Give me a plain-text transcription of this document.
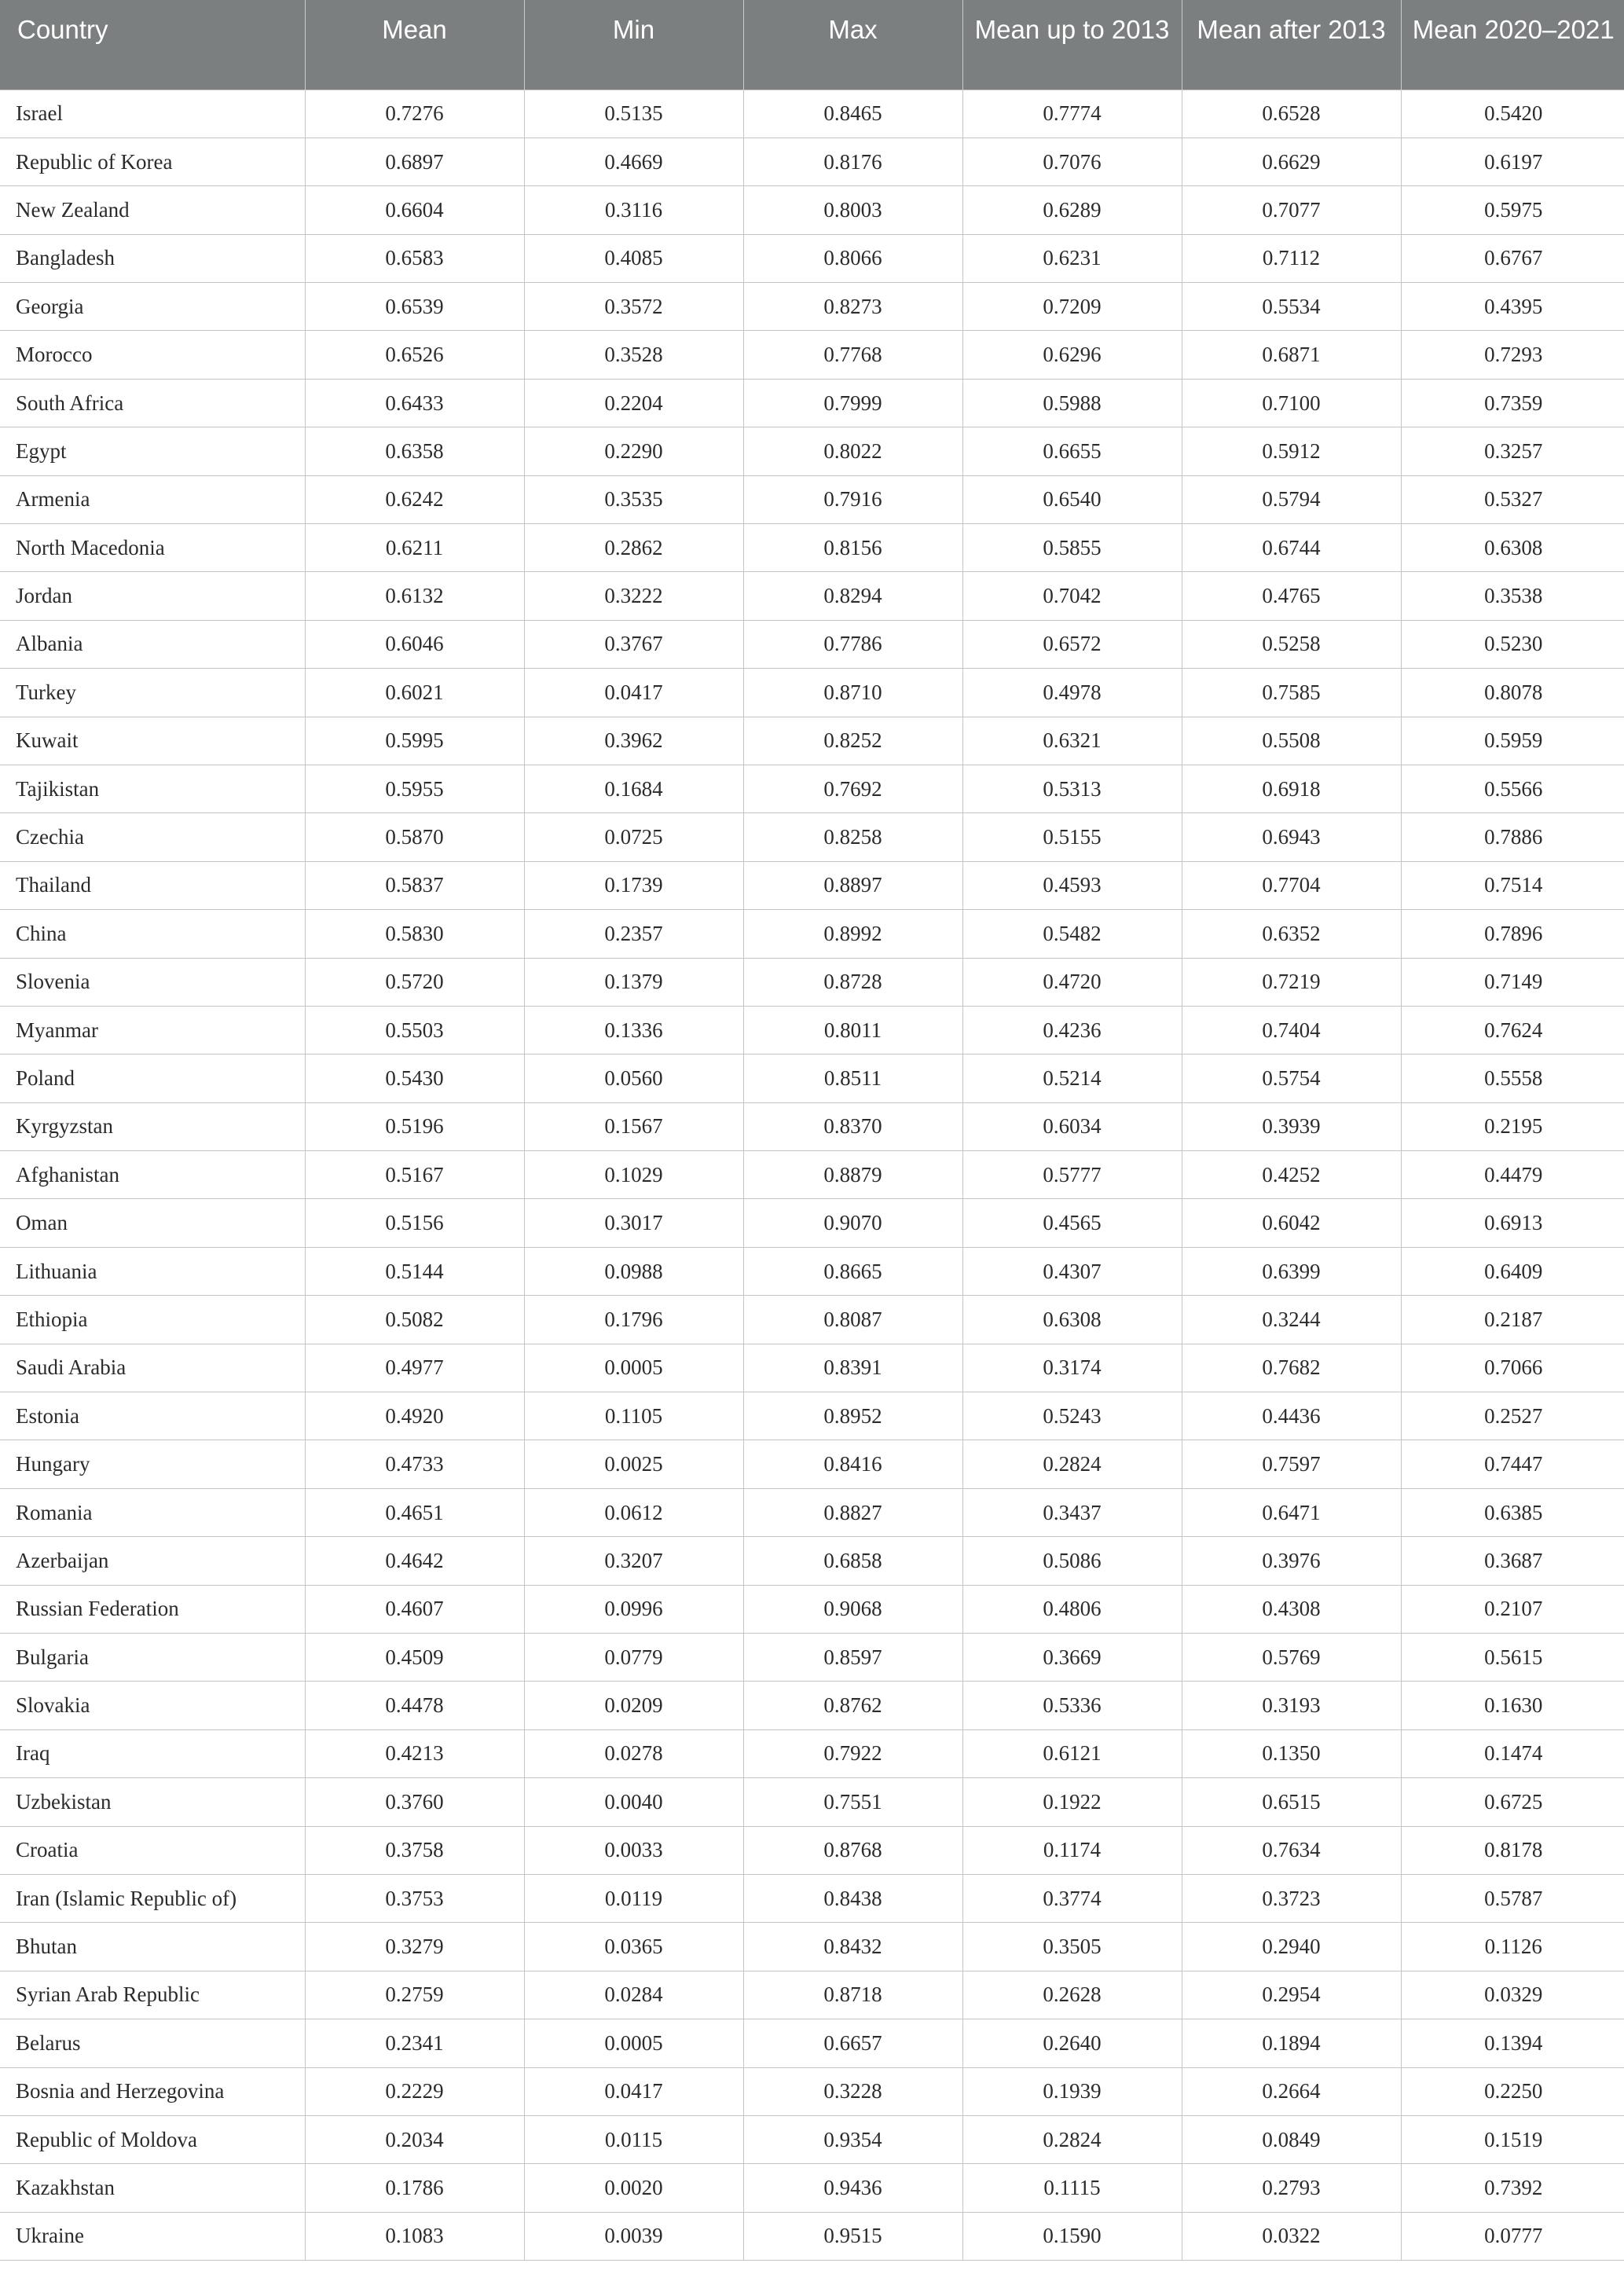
Country	Mean	Min	Max	Mean up to 2013	Mean after 2013	Mean 2020–2021
Israel	0.7276	0.5135	0.8465	0.7774	0.6528	0.5420
Republic of Korea	0.6897	0.4669	0.8176	0.7076	0.6629	0.6197
New Zealand	0.6604	0.3116	0.8003	0.6289	0.7077	0.5975
Bangladesh	0.6583	0.4085	0.8066	0.6231	0.7112	0.6767
Georgia	0.6539	0.3572	0.8273	0.7209	0.5534	0.4395
Morocco	0.6526	0.3528	0.7768	0.6296	0.6871	0.7293
South Africa	0.6433	0.2204	0.7999	0.5988	0.7100	0.7359
Egypt	0.6358	0.2290	0.8022	0.6655	0.5912	0.3257
Armenia	0.6242	0.3535	0.7916	0.6540	0.5794	0.5327
North Macedonia	0.6211	0.2862	0.8156	0.5855	0.6744	0.6308
Jordan	0.6132	0.3222	0.8294	0.7042	0.4765	0.3538
Albania	0.6046	0.3767	0.7786	0.6572	0.5258	0.5230
Turkey	0.6021	0.0417	0.8710	0.4978	0.7585	0.8078
Kuwait	0.5995	0.3962	0.8252	0.6321	0.5508	0.5959
Tajikistan	0.5955	0.1684	0.7692	0.5313	0.6918	0.5566
Czechia	0.5870	0.0725	0.8258	0.5155	0.6943	0.7886
Thailand	0.5837	0.1739	0.8897	0.4593	0.7704	0.7514
China	0.5830	0.2357	0.8992	0.5482	0.6352	0.7896
Slovenia	0.5720	0.1379	0.8728	0.4720	0.7219	0.7149
Myanmar	0.5503	0.1336	0.8011	0.4236	0.7404	0.7624
Poland	0.5430	0.0560	0.8511	0.5214	0.5754	0.5558
Kyrgyzstan	0.5196	0.1567	0.8370	0.6034	0.3939	0.2195
Afghanistan	0.5167	0.1029	0.8879	0.5777	0.4252	0.4479
Oman	0.5156	0.3017	0.9070	0.4565	0.6042	0.6913
Lithuania	0.5144	0.0988	0.8665	0.4307	0.6399	0.6409
Ethiopia	0.5082	0.1796	0.8087	0.6308	0.3244	0.2187
Saudi Arabia	0.4977	0.0005	0.8391	0.3174	0.7682	0.7066
Estonia	0.4920	0.1105	0.8952	0.5243	0.4436	0.2527
Hungary	0.4733	0.0025	0.8416	0.2824	0.7597	0.7447
Romania	0.4651	0.0612	0.8827	0.3437	0.6471	0.6385
Azerbaijan	0.4642	0.3207	0.6858	0.5086	0.3976	0.3687
Russian Federation	0.4607	0.0996	0.9068	0.4806	0.4308	0.2107
Bulgaria	0.4509	0.0779	0.8597	0.3669	0.5769	0.5615
Slovakia	0.4478	0.0209	0.8762	0.5336	0.3193	0.1630
Iraq	0.4213	0.0278	0.7922	0.6121	0.1350	0.1474
Uzbekistan	0.3760	0.0040	0.7551	0.1922	0.6515	0.6725
Croatia	0.3758	0.0033	0.8768	0.1174	0.7634	0.8178
Iran (Islamic Republic of)	0.3753	0.0119	0.8438	0.3774	0.3723	0.5787
Bhutan	0.3279	0.0365	0.8432	0.3505	0.2940	0.1126
Syrian Arab Republic	0.2759	0.0284	0.8718	0.2628	0.2954	0.0329
Belarus	0.2341	0.0005	0.6657	0.2640	0.1894	0.1394
Bosnia and Herzegovina	0.2229	0.0417	0.3228	0.1939	0.2664	0.2250
Republic of Moldova	0.2034	0.0115	0.9354	0.2824	0.0849	0.1519
Kazakhstan	0.1786	0.0020	0.9436	0.1115	0.2793	0.7392
Ukraine	0.1083	0.0039	0.9515	0.1590	0.0322	0.0777
